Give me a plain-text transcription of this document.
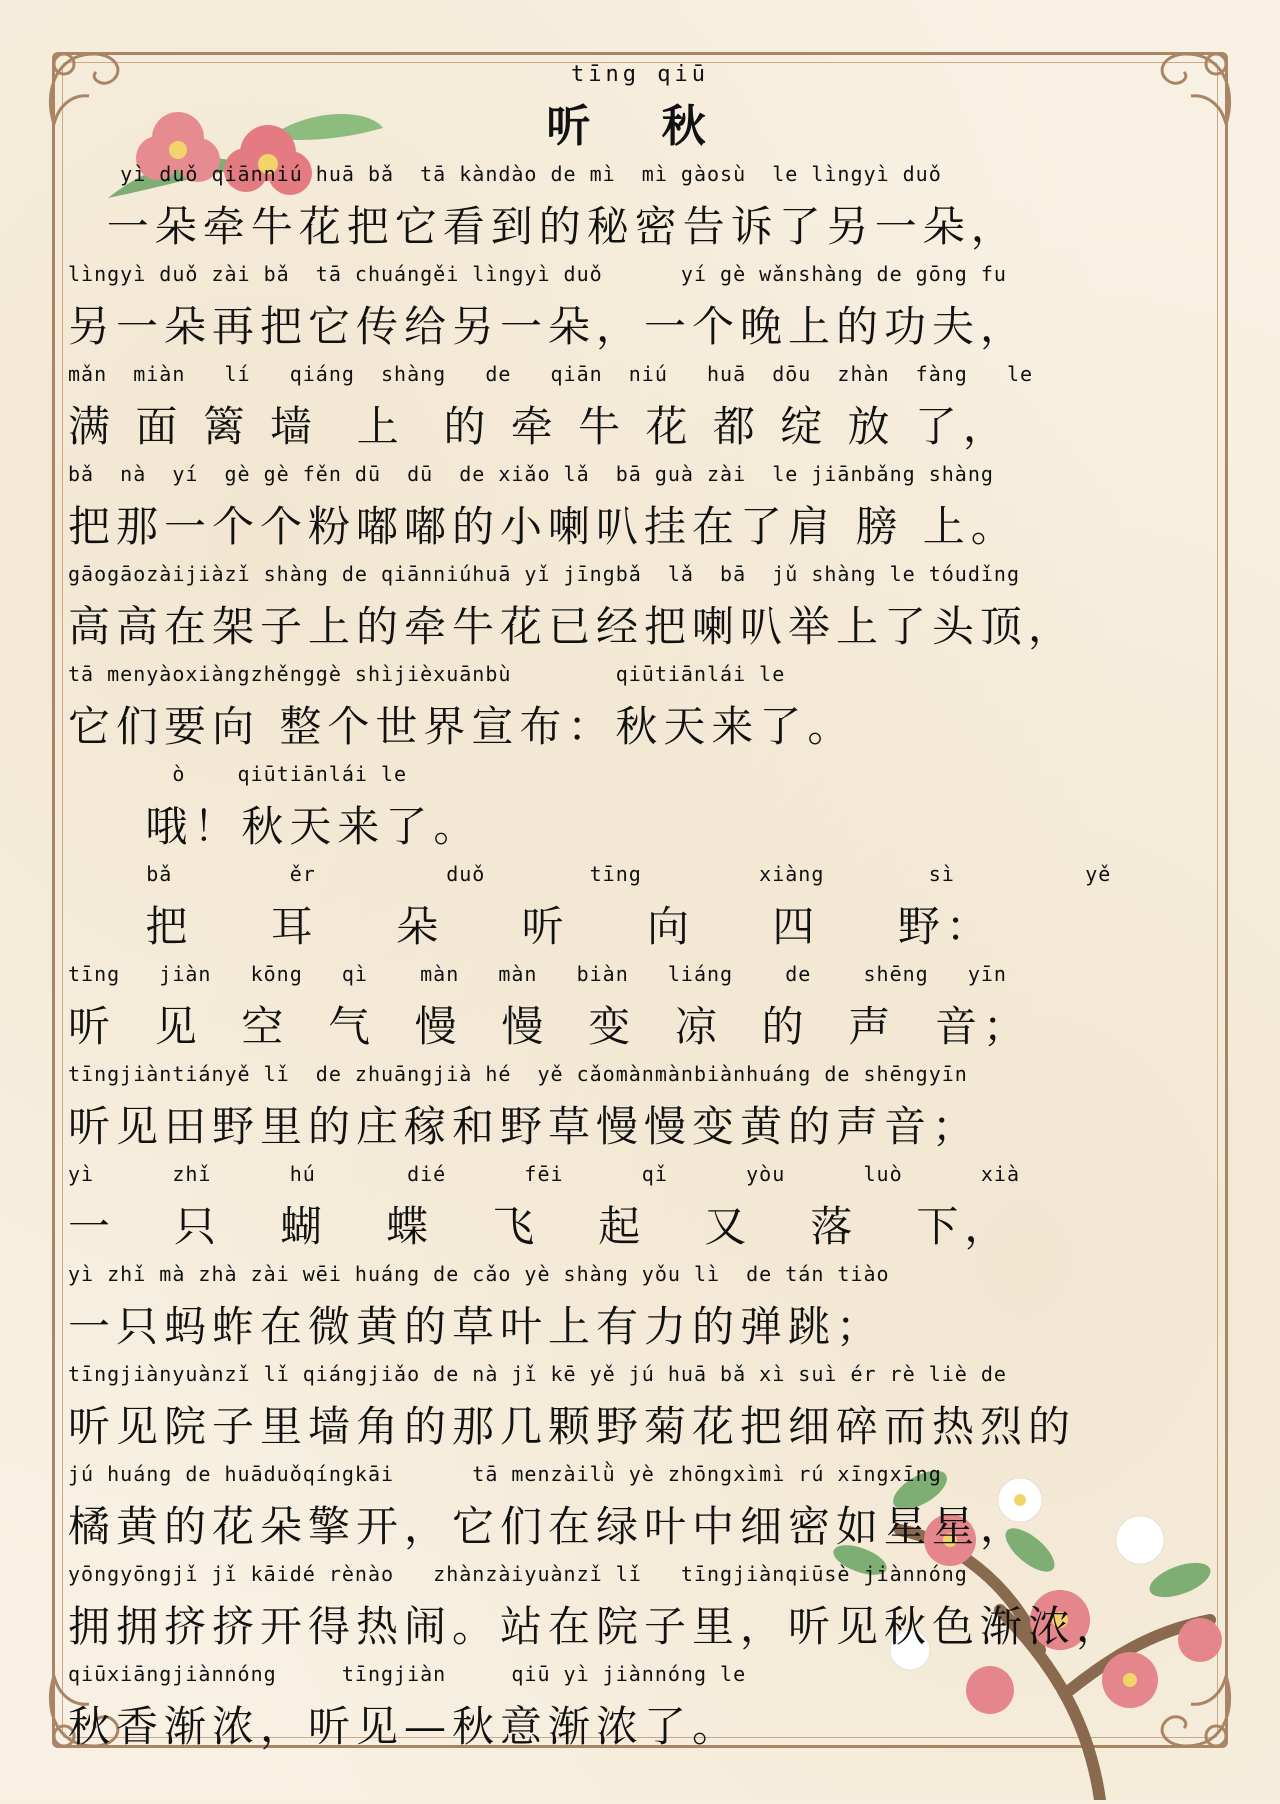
tīng qiū
听 秋
yì duǒ qiānniú huā bǎ  tā kàndào de mì  mì gàosù  le lìngyì duǒ
一朵牵牛花把它看到的秘密告诉了另一朵，
lìngyì duǒ zài bǎ  tā chuángěi lìngyì duǒ      yí gè wǎnshàng de gōng fu
另一朵再把它传给另一朵，一个晚上的功夫，
mǎn  miàn   lí   qiáng  shàng   de   qiān  niú   huā  dōu  zhàn  fàng   le
满 面 篱 墙  上  的 牵 牛 花 都 绽 放 了，
bǎ  nà  yí  gè gè fěn dū  dū  de xiǎo lǎ  bā guà zài  le jiānbǎng shàng
把那一个个粉嘟嘟的小喇叭挂在了肩 膀 上。
gāogāozàijiàzǐ shàng de qiānniúhuā yǐ jīngbǎ  lǎ  bā  jǔ shàng le tóudǐng
高高在架子上的牵牛花已经把喇叭举上了头顶，
tā menyàoxiàngzhěnggè shìjièxuānbù        qiūtiānlái le
它们要向 整个世界宣布：秋天来了。
ò    qiūtiānlái le
哦！秋天来了。
bǎ         ěr          duǒ        tīng         xiàng        sì          yě
把    耳    朵    听    向    四    野：
tīng   jiàn   kōng   qì    màn   màn   biàn   liáng    de    shēng   yīn
听  见  空  气  慢  慢  变  凉  的  声  音；
tīngjiàntiányě lǐ  de zhuāngjià hé  yě cǎomànmànbiànhuáng de shēngyīn
听见田野里的庄稼和野草慢慢变黄的声音；
yì      zhǐ      hú       dié      fēi      qǐ      yòu      luò      xià
一   只   蝴   蝶   飞   起   又   落   下，
yì zhǐ mà zhà zài wēi huáng de cǎo yè shàng yǒu lì  de tán tiào
一只蚂蚱在微黄的草叶上有力的弹跳；
tīngjiànyuànzǐ lǐ qiángjiǎo de nà jǐ kē yě jú huā bǎ xì suì ér rè liè de
听见院子里墙角的那几颗野菊花把细碎而热烈的
jú huáng de huāduǒqíngkāi      tā menzàilǜ yè zhōngxìmì rú xīngxīng
橘黄的花朵擎开，它们在绿叶中细密如星星，
yōngyōngjǐ jǐ kāidé rènào   zhànzàiyuànzǐ lǐ   tīngjiànqiūsè jiànnóng
拥拥挤挤开得热闹。站在院子里，听见秋色渐浓，
qiūxiāngjiànnóng     tīngjiàn     qiū yì jiànnóng le
秋香渐浓，听见—秋意渐浓了。
